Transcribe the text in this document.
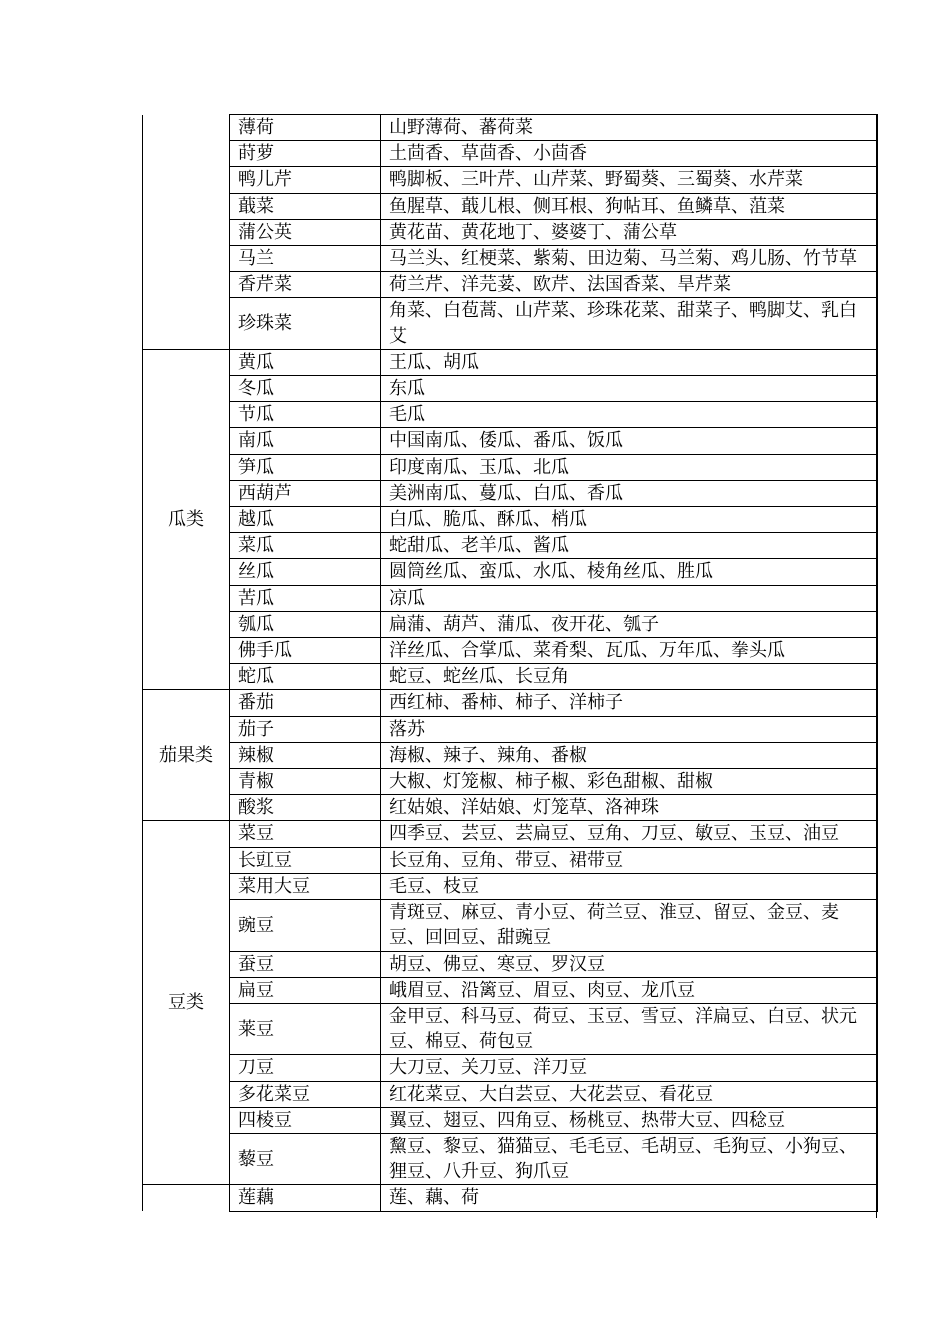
	薄荷	山野薄荷、蕃荷菜
	莳萝	土茴香、草茴香、小茴香
	鸭儿芹	鸭脚板、三叶芹、山芹菜、野蜀葵、三蜀葵、水芹菜
	蕺菜	鱼腥草、蕺儿根、侧耳根、狗帖耳、鱼鳞草、菹菜
	蒲公英	黄花苗、黄花地丁、婆婆丁、蒲公草
	马兰	马兰头、红梗菜、紫菊、田边菊、马兰菊、鸡儿肠、竹节草
	香芹菜	荷兰芹、洋芫荽、欧芹、法国香菜、旱芹菜
	珍珠菜	角菜、白苞蒿、山芹菜、珍珠花菜、甜菜子、鸭脚艾、乳白艾
瓜类	黄瓜	王瓜、胡瓜
	冬瓜	东瓜
	节瓜	毛瓜
	南瓜	中国南瓜、倭瓜、番瓜、饭瓜
	笋瓜	印度南瓜、玉瓜、北瓜
	西葫芦	美洲南瓜、蔓瓜、白瓜、香瓜
	越瓜	白瓜、脆瓜、酥瓜、梢瓜
	菜瓜	蛇甜瓜、老羊瓜、酱瓜
	丝瓜	圆筒丝瓜、蛮瓜、水瓜、棱角丝瓜、胜瓜
	苦瓜	凉瓜
	瓠瓜	扁蒲、葫芦、蒲瓜、夜开花、瓠子
	佛手瓜	洋丝瓜、合掌瓜、菜肴梨、瓦瓜、万年瓜、拳头瓜
	蛇瓜	蛇豆、蛇丝瓜、长豆角
茄果类	番茄	西红柿、番柿、柿子、洋柿子
	茄子	落苏
	辣椒	海椒、辣子、辣角、番椒
	青椒	大椒、灯笼椒、柿子椒、彩色甜椒、甜椒
	酸浆	红姑娘、洋姑娘、灯笼草、洛神珠
豆类	菜豆	四季豆、芸豆、芸扁豆、豆角、刀豆、敏豆、玉豆、油豆
	长豇豆	长豆角、豆角、带豆、裙带豆
	菜用大豆	毛豆、枝豆
	豌豆	青斑豆、麻豆、青小豆、荷兰豆、淮豆、留豆、金豆、麦豆、回回豆、甜豌豆
	蚕豆	胡豆、佛豆、寒豆、罗汉豆
	扁豆	峨眉豆、沿篱豆、眉豆、肉豆、龙爪豆
	莱豆	金甲豆、科马豆、荷豆、玉豆、雪豆、洋扁豆、白豆、状元豆、棉豆、荷包豆
	刀豆	大刀豆、关刀豆、洋刀豆
	多花菜豆	红花菜豆、大白芸豆、大花芸豆、看花豆
	四棱豆	翼豆、翅豆、四角豆、杨桃豆、热带大豆、四稔豆
	藜豆	黧豆、黎豆、猫猫豆、毛毛豆、毛胡豆、毛狗豆、小狗豆、狸豆、八升豆、狗爪豆
	莲藕	莲、藕、荷
